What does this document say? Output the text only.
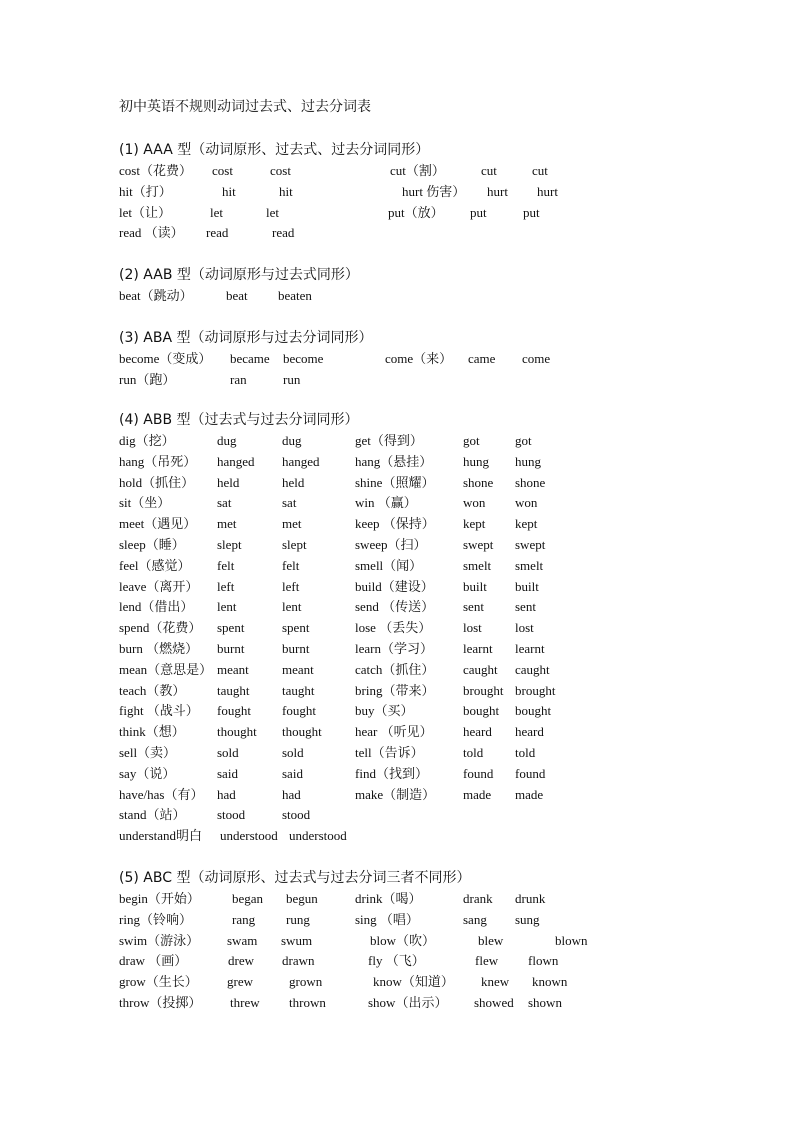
初中英语不规则动词过去式、过去分词表
(1) AAA 型（动词原形、过去式、过去分词同形）
cost（花费） cost	cost	cut（割）	cut	cut
hit（打）	hit	hit	hurt 伤害） hurt hurt
let（让）	let	let	put（放） put	put
read （读） read	read
(2) AAB 型（动词原形与过去式同形）
beat（跳动）	beat beaten
(3) ABA 型（动词原形与过去分词同形）
become（变成） became become	come（来） came come
run（跑）	ran	run
(4) ABB 型（过去式与过去分词同形）
dig（挖）	dug	dug	get（得到）	got	got
hang（吊死） hanged hanged	hang（悬挂） hung hung
hold（抓住） held	held	shine（照耀） shone shone
sit（坐）	sat	sat	win （赢）	won won
meet（遇见） met	met	keep （保持） kept kept
sleep（睡） slept	slept	sweep（扫）	swept swept
feel（感觉） felt	felt	smell（闻）	smelt smelt
leave（离开） left	left	build（建设） built built
lend（借出） lent	lent	send （传送） sent sent
spend（花费） spent	spent	lose （丢失） lost	lost
burn （燃烧） burnt	burnt	learn（学习） learnt learnt
mean（意思是） meant	meant	catch（抓住） caught caught
teach（教） taught	taught	bring（带来） brought brought
fight （战斗） fought fought	buy（买）	bought bought
think（想） thought thought	hear （听见） heard heard
sell（卖）	sold	sold	tell（告诉）	told told
say（说）	said	said	find（找到）	found found
have/has（有） had	had	make（制造） made made
stand（站） stood	stood
understand明白 understood understood
(5) ABC 型（动词原形、过去式与过去分词三者不同形）
begin（开始） began begun	drink（喝）	drank drunk
ring（铃响）	rang rung	sing （唱）	sang sung
swim（游泳） swam swum	blow（吹）	blew	blown
draw （画）	drew drawn	fly （飞）	flew flown
grow（生长） grew	grown	know（知道） knew known
throw（投掷） threw thrown	show（出示） showed shown
